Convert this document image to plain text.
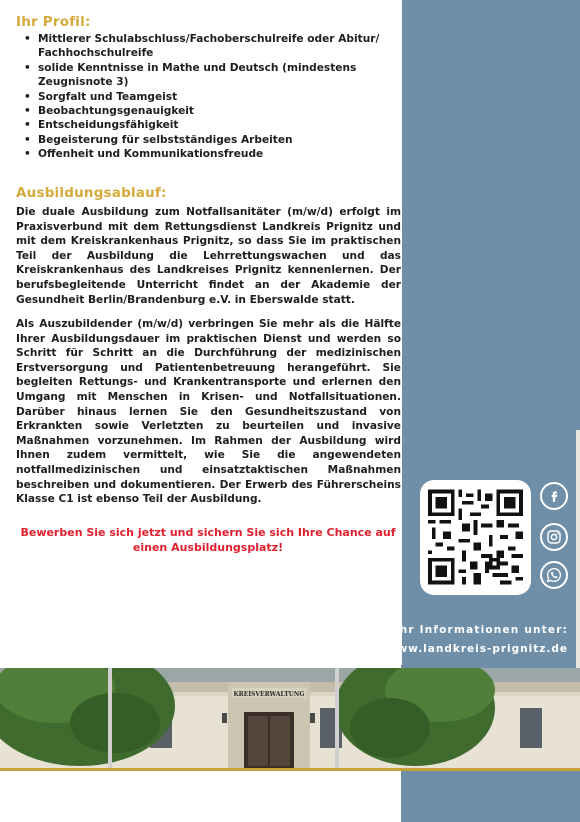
Ihr Profil:
• Mittlerer Schulabschluss/Fachoberschulreife oder Abitur/ Fachhochschulreife
• solide Kenntnisse in Mathe und Deutsch (mindestens Zeugnisnote 3)
• Sorgfalt und Teamgeist
• Beobachtungsgenauigkeit
• Entscheidungsfähigkeit
• Begeisterung für selbstständiges Arbeiten
• Offenheit und Kommunikationsfreude
Ausbildungsablauf:

Die duale Ausbildung zum Notfallsanitäter (m/w/d) erfolgt im Praxisverbund mit dem Rettungsdienst Landkreis Prignitz und mit dem Kreiskrankenhaus Prignitz, so dass Sie im praktischen Teil der Ausbildung die Lehrrettungswachen und das Kreiskrankenhaus des Landkreises Prignitz kennenlernen. Der berufsbegleitende Unterricht findet an der Akademie der Gesundheit Berlin/Brandenburg e.V. in Eberswalde statt.

Als Auszubildender (m/w/d) verbringen Sie mehr als die Hälfte Ihrer Ausbildungsdauer im praktischen Dienst und werden so Schritt für Schritt an die Durchführung der medizinischen Erstversorgung und Patientenbetreuung herangeführt. Sie begleiten Rettungs- und Krankentransporte und erlernen den Umgang mit Menschen in Krisen- und Notfallsituationen. Darüber hinaus lernen Sie den Gesundheitszustand von Erkrankten sowie Verletzten zu beurteilen und invasive Maßnahmen vorzunehmen. Im Rahmen der Ausbildung wird Ihnen zudem vermittelt, wie Sie die angewendeten notfallmedizinischen und einsatztaktischen Maßnahmen beschreiben und dokumentieren. Der Erwerb des Führerscheins Klasse C1 ist ebenso Teil der Ausbildung.

Bewerben Sie sich jetzt und sichern Sie sich Ihre Chance auf einen Ausbildungsplatz!

Mehr Informationen unter:
www.landkreis-prignitz.de
KREISVERWALTUNG
